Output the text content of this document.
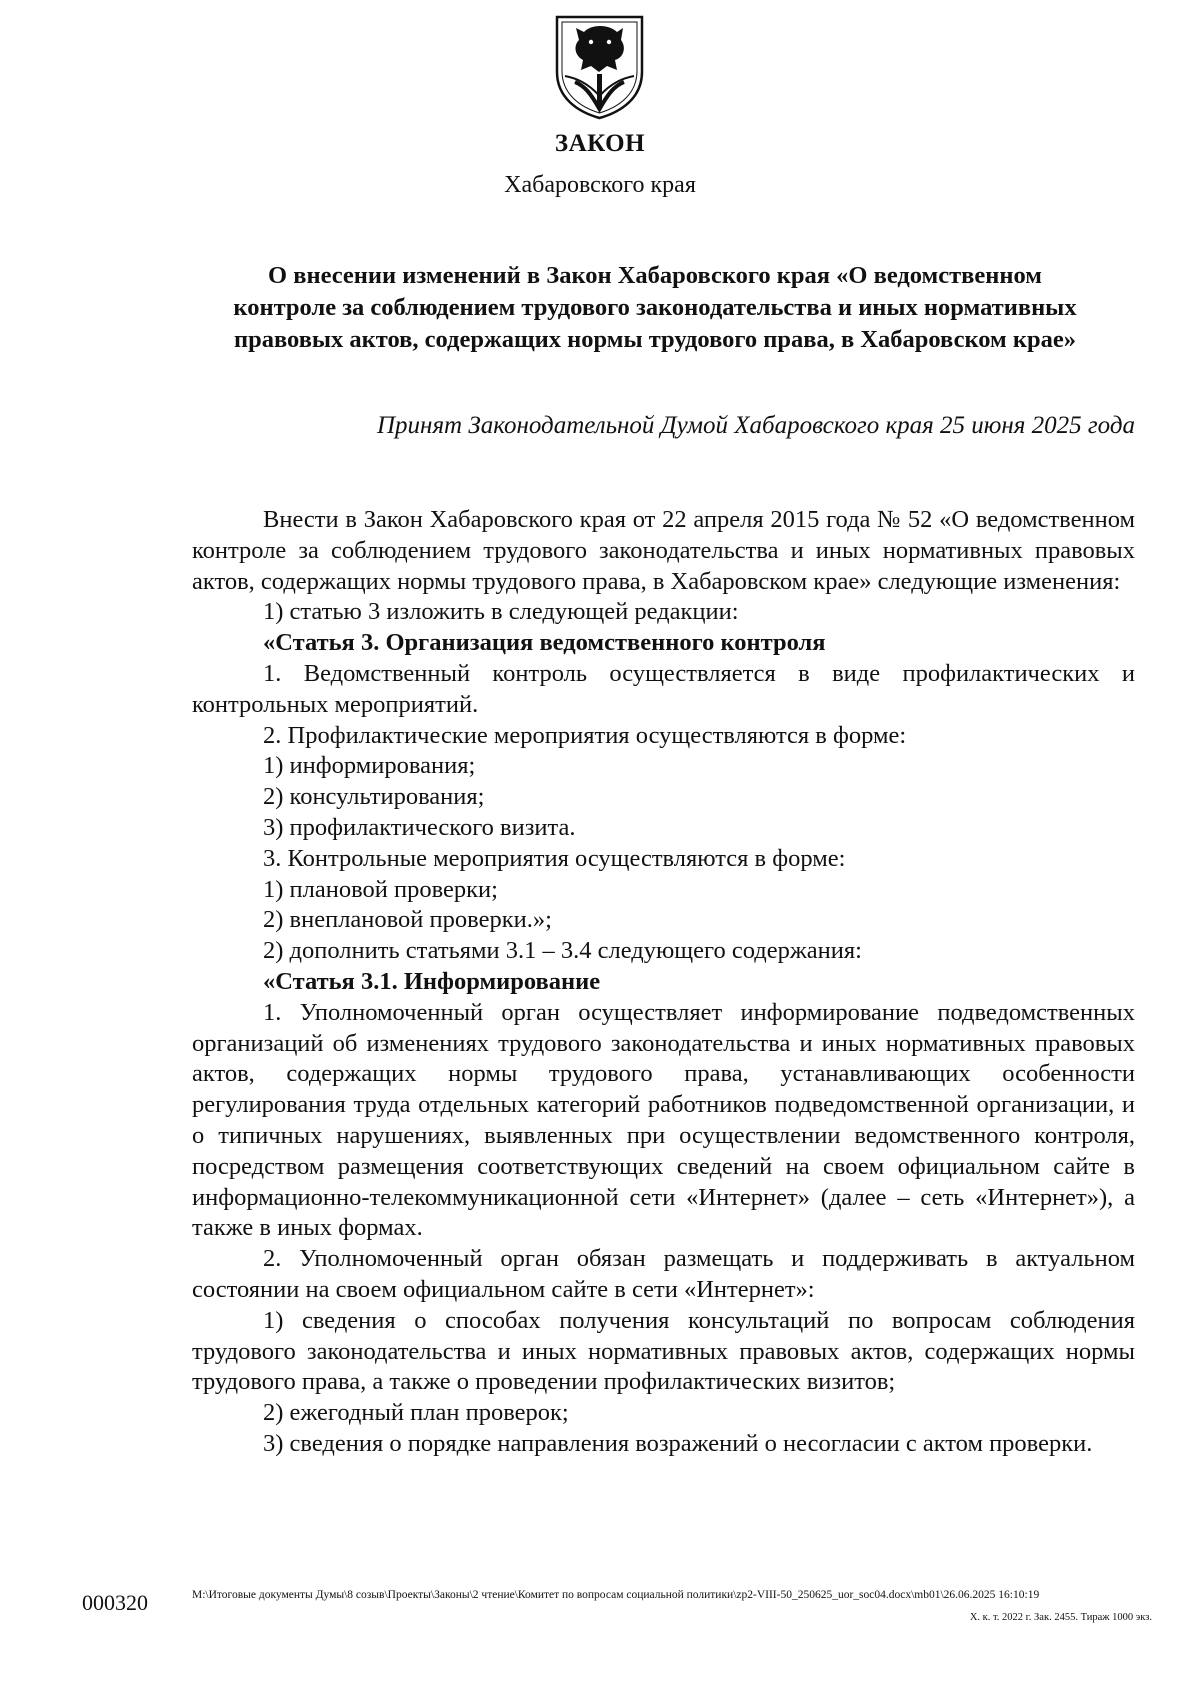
ЗАКОН
Хабаровского края
О внесении изменений в Закон Хабаровского края «О ведомственном
контроле за соблюдением трудового законодательства и иных нормативных
правовых актов, содержащих нормы трудового права, в Хабаровском крае»
Принят Законодательной Думой Хабаровского края 25 июня 2025 года

Внести в Закон Хабаровского края от 22 апреля 2015 года № 52 «О ведомственном контроле за соблюдением трудового законодательства и иных нормативных правовых актов, содержащих нормы трудового права, в Хабаровском крае» следующие изменения:

1) статью 3 изложить в следующей редакции:

«Статья 3. Организация ведомственного контроля

1. Ведомственный контроль осуществляется в виде профилактических и контрольных мероприятий.

2. Профилактические мероприятия осуществляются в форме:

1) информирования;

2) консультирования;

3) профилактического визита.

3. Контрольные мероприятия осуществляются в форме:

1) плановой проверки;

2) внеплановой проверки.»;

2) дополнить статьями 3.1 – 3.4 следующего содержания:

«Статья 3.1. Информирование

1. Уполномоченный орган осуществляет информирование подведомственных организаций об изменениях трудового законодательства и иных нормативных правовых актов, содержащих нормы трудового права, устанавливающих особенности регулирования труда отдельных категорий работников подведомственной организации, и о типичных нарушениях, выявленных при осуществлении ведомственного контроля, посредством размещения соответствующих сведений на своем официальном сайте в информационно-телекоммуникационной сети «Интернет» (далее – сеть «Интернет»), а также в иных формах.

2. Уполномоченный орган обязан размещать и поддерживать в актуальном состоянии на своем официальном сайте в сети «Интернет»:

1) сведения о способах получения консультаций по вопросам соблюдения трудового законодательства и иных нормативных правовых актов, содержащих нормы трудового права, а также о проведении профилактических визитов;

2) ежегодный план проверок;

3) сведения о порядке направления возражений о несогласии с актом проверки.

000320	M:\Итоговые документы Думы\8 созыв\Проекты\Законы\2 чтение\Комитет по вопросам социальной политики\zp2-VIII-50_250625_uor_soc04.docx\mb01\26.06.2025 16:10:19
Х. к. т. 2022 г. Зак. 2455. Тираж 1000 экз.
